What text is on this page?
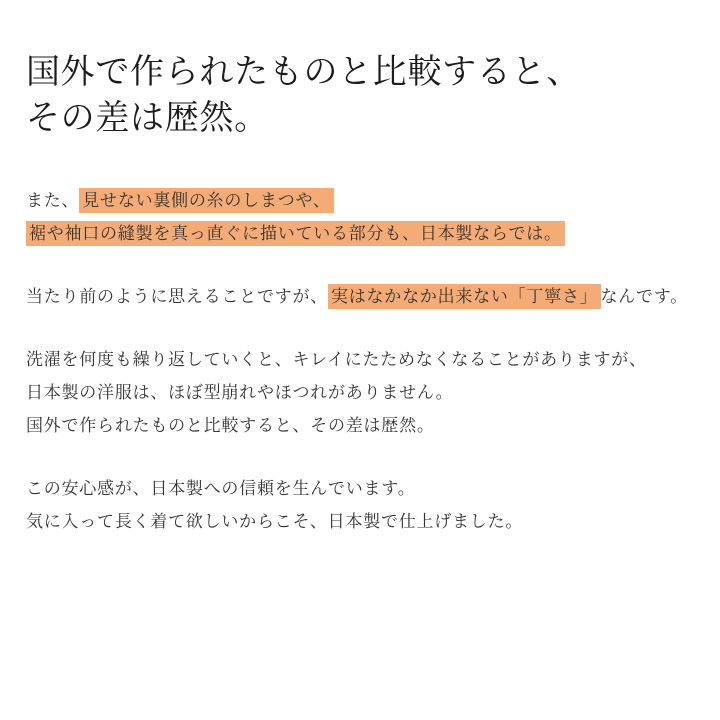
国外で作られたものと比較すると、
その差は歴然。
また、 見せない裏側の糸のしまつや、
裾や袖口の縫製を真っ直ぐに描いている部分も、日本製ならでは。
当たり前のように思えることですが、 実はなかなか出来ない「丁寧さ」 なんです。
洗濯を何度も繰り返していくと、キレイにたためなくなることがありますが、
日本製の洋服は、ほぼ型崩れやほつれがありません。
国外で作られたものと比較すると、その差は歴然。
この安心感が、日本製への信頼を生んでいます。
気に入って長く着て欲しいからこそ、日本製で仕上げました。
